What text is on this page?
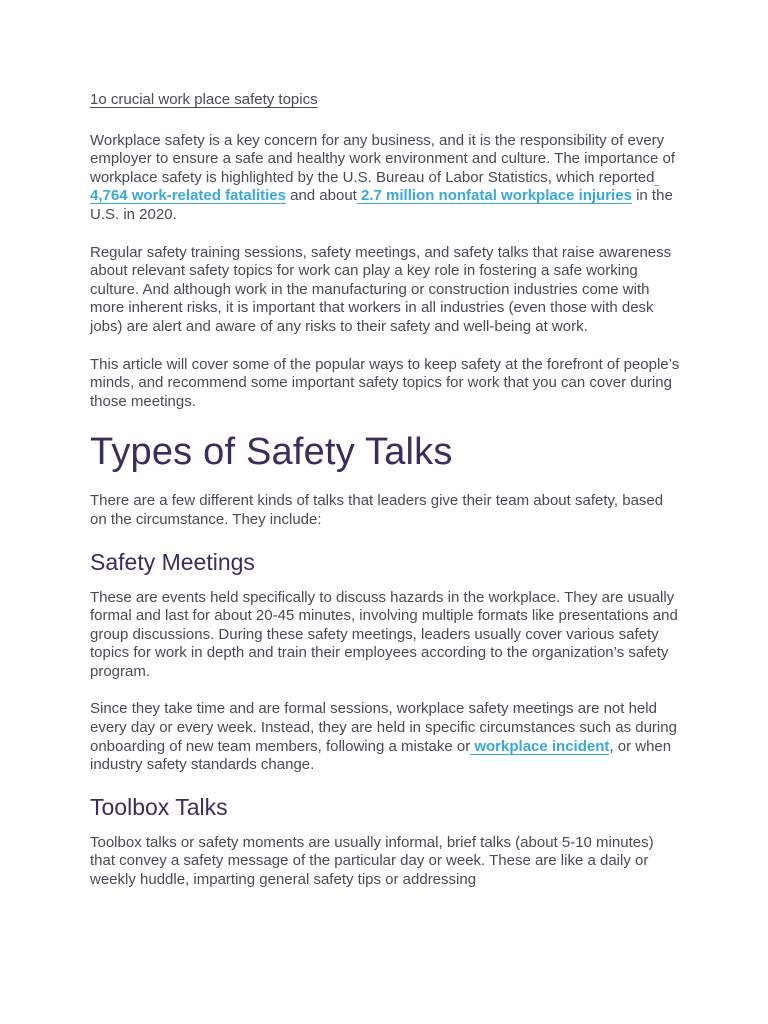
1o crucial work place safety topics

Workplace safety is a key concern for any business, and it is the responsibility of every employer to ensure a safe and healthy work environment and culture. The importance of workplace safety is highlighted by the U.S. Bureau of Labor Statistics, which reported 4,764 work-related fatalities and about 2.7 million nonfatal workplace injuries in the U.S. in 2020.

Regular safety training sessions, safety meetings, and safety talks that raise awareness about relevant safety topics for work can play a key role in fostering a safe working culture. And although work in the manufacturing or construction industries come with more inherent risks, it is important that workers in all industries (even those with desk jobs) are alert and aware of any risks to their safety and well-being at work.

This article will cover some of the popular ways to keep safety at the forefront of people’s minds, and recommend some important safety topics for work that you can cover during those meetings.

Types of Safety Talks

There are a few different kinds of talks that leaders give their team about safety, based on the circumstance. They include:

Safety Meetings

These are events held specifically to discuss hazards in the workplace. They are usually formal and last for about 20-45 minutes, involving multiple formats like presentations and group discussions. During these safety meetings, leaders usually cover various safety topics for work in depth and train their employees according to the organization’s safety program.

Since they take time and are formal sessions, workplace safety meetings are not held every day or every week. Instead, they are held in specific circumstances such as during onboarding of new team members, following a mistake or workplace incident, or when industry safety standards change.

Toolbox Talks

Toolbox talks or safety moments are usually informal, brief talks (about 5-10 minutes) that convey a safety message of the particular day or week. These are like a daily or weekly huddle, imparting general safety tips or addressing
